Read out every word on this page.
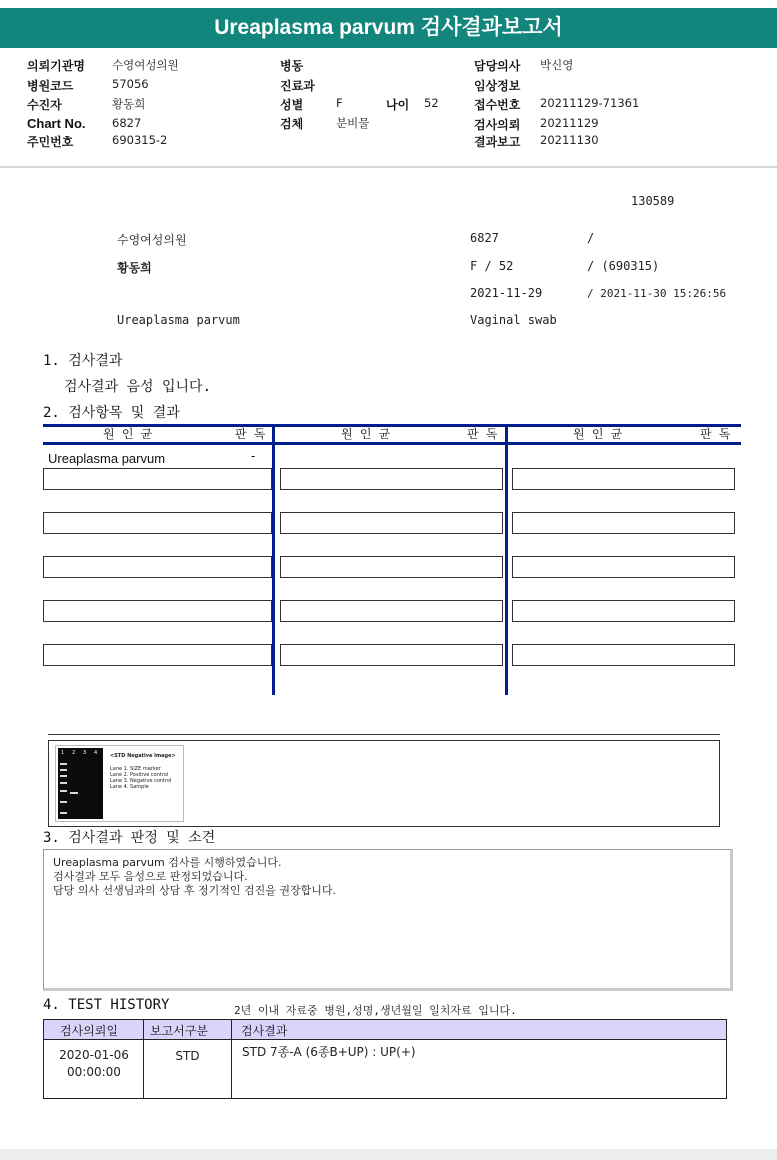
Ureaplasma parvum 검사결과보고서
의뢰기관명 수영여성의원
병원코드	57056
수진자	황동희
Chart No. 6827
주민번호	690315-2
병동
진료과
성별	F	나이 52
검체	분비물
담당의사 박신영
임상정보
접수번호 20211129-71361
검사의뢰 20211129
결과보고 20211130
130589
수영여성의원	6827	/
황동희	F / 52	/ (690315)
2021-11-29	/ 2021-11-30 15:26:56
Ureaplasma parvum	Vaginal swab
1. 검사결과
검사결과 음성 입니다.
2. 검사항목 및 결과
원 인 균	판 독	원 인 균	판 독	원 인 균	판 독
Ureaplasma parvum	-
1 2 3 4	<STD Negative Image>
Lane 1. SIZE marker
Lane 2. Positive control
Lane 3. Negative control
Lane 4. Sample
3. 검사결과 판정 및 소견
Ureaplasma parvum 검사를 시행하였습니다.
검사결과 모두 음성으로 판정되었습니다.
담당 의사 선생님과의 상담 후 정기적인 검진을 권장합니다.
4. TEST HISTORY	2년 이내 자료중 병원,성명,생년월일 일치자료 입니다.
검사의뢰일	보고서구분	검사결과
2020-01-06
00:00:00
STD	STD 7종-A (6종B+UP) : UP(+)
